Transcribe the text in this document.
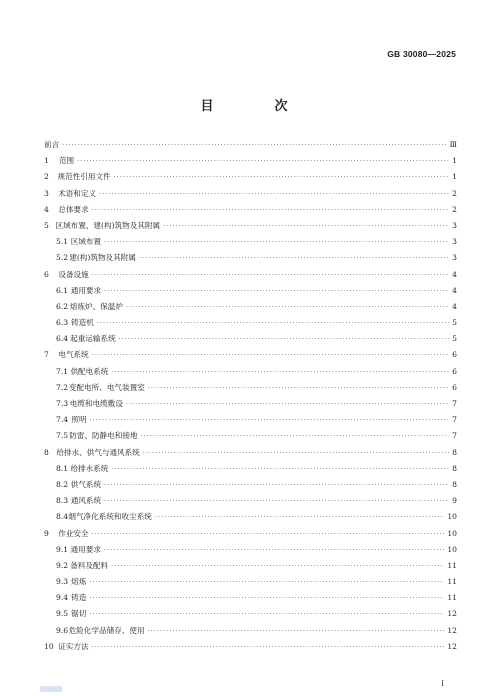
GB 30080—2025
目　次
前言 ·····	Ⅲ
1	范围 ·····	1
2	规范性引用文件 ·····	1
3	术语和定义 ·····	2
4	总体要求 ·····	2
5 区域布置、建(构)筑物及其附属 ·····	3
5.1 区域布置 ·····	3
5.2 建(构)筑物及其附属 ·····	3
6	设备设施 ·····	4
6.1 通用要求 ·····	4
6.2 熔炼炉、保温炉 ·····	4
6.3 铸造机 ·····	5
6.4 起重运输系统 ·····	5
7	电气系统 ·····	6
7.1 供配电系统 ·····	6
7.2 变配电所、电气装置室 ·····	6
7.3 电缆和电缆敷设 ·····	7
7.4 照明 ·····	7
7.5 防雷、防静电和接地 ·····	7
8 给排水、供气与通风系统 ·····	8
8.1 给排水系统 ·····	8
8.2 供气系统 ·····	8
8.3 通风系统 ·····	9
8.4 烟气净化系统和收尘系统 ·····	10
9	作业安全 ·····	10
9.1 通用要求 ·····	10
9.2 备料及配料 ·····	11
9.3 熔炼 ·····	11
9.4 铸造 ·····	11
9.5 锯切 ·····	12
9.6 危险化学品储存、使用 ·····	12
10 证实方法 ·····	12
I
